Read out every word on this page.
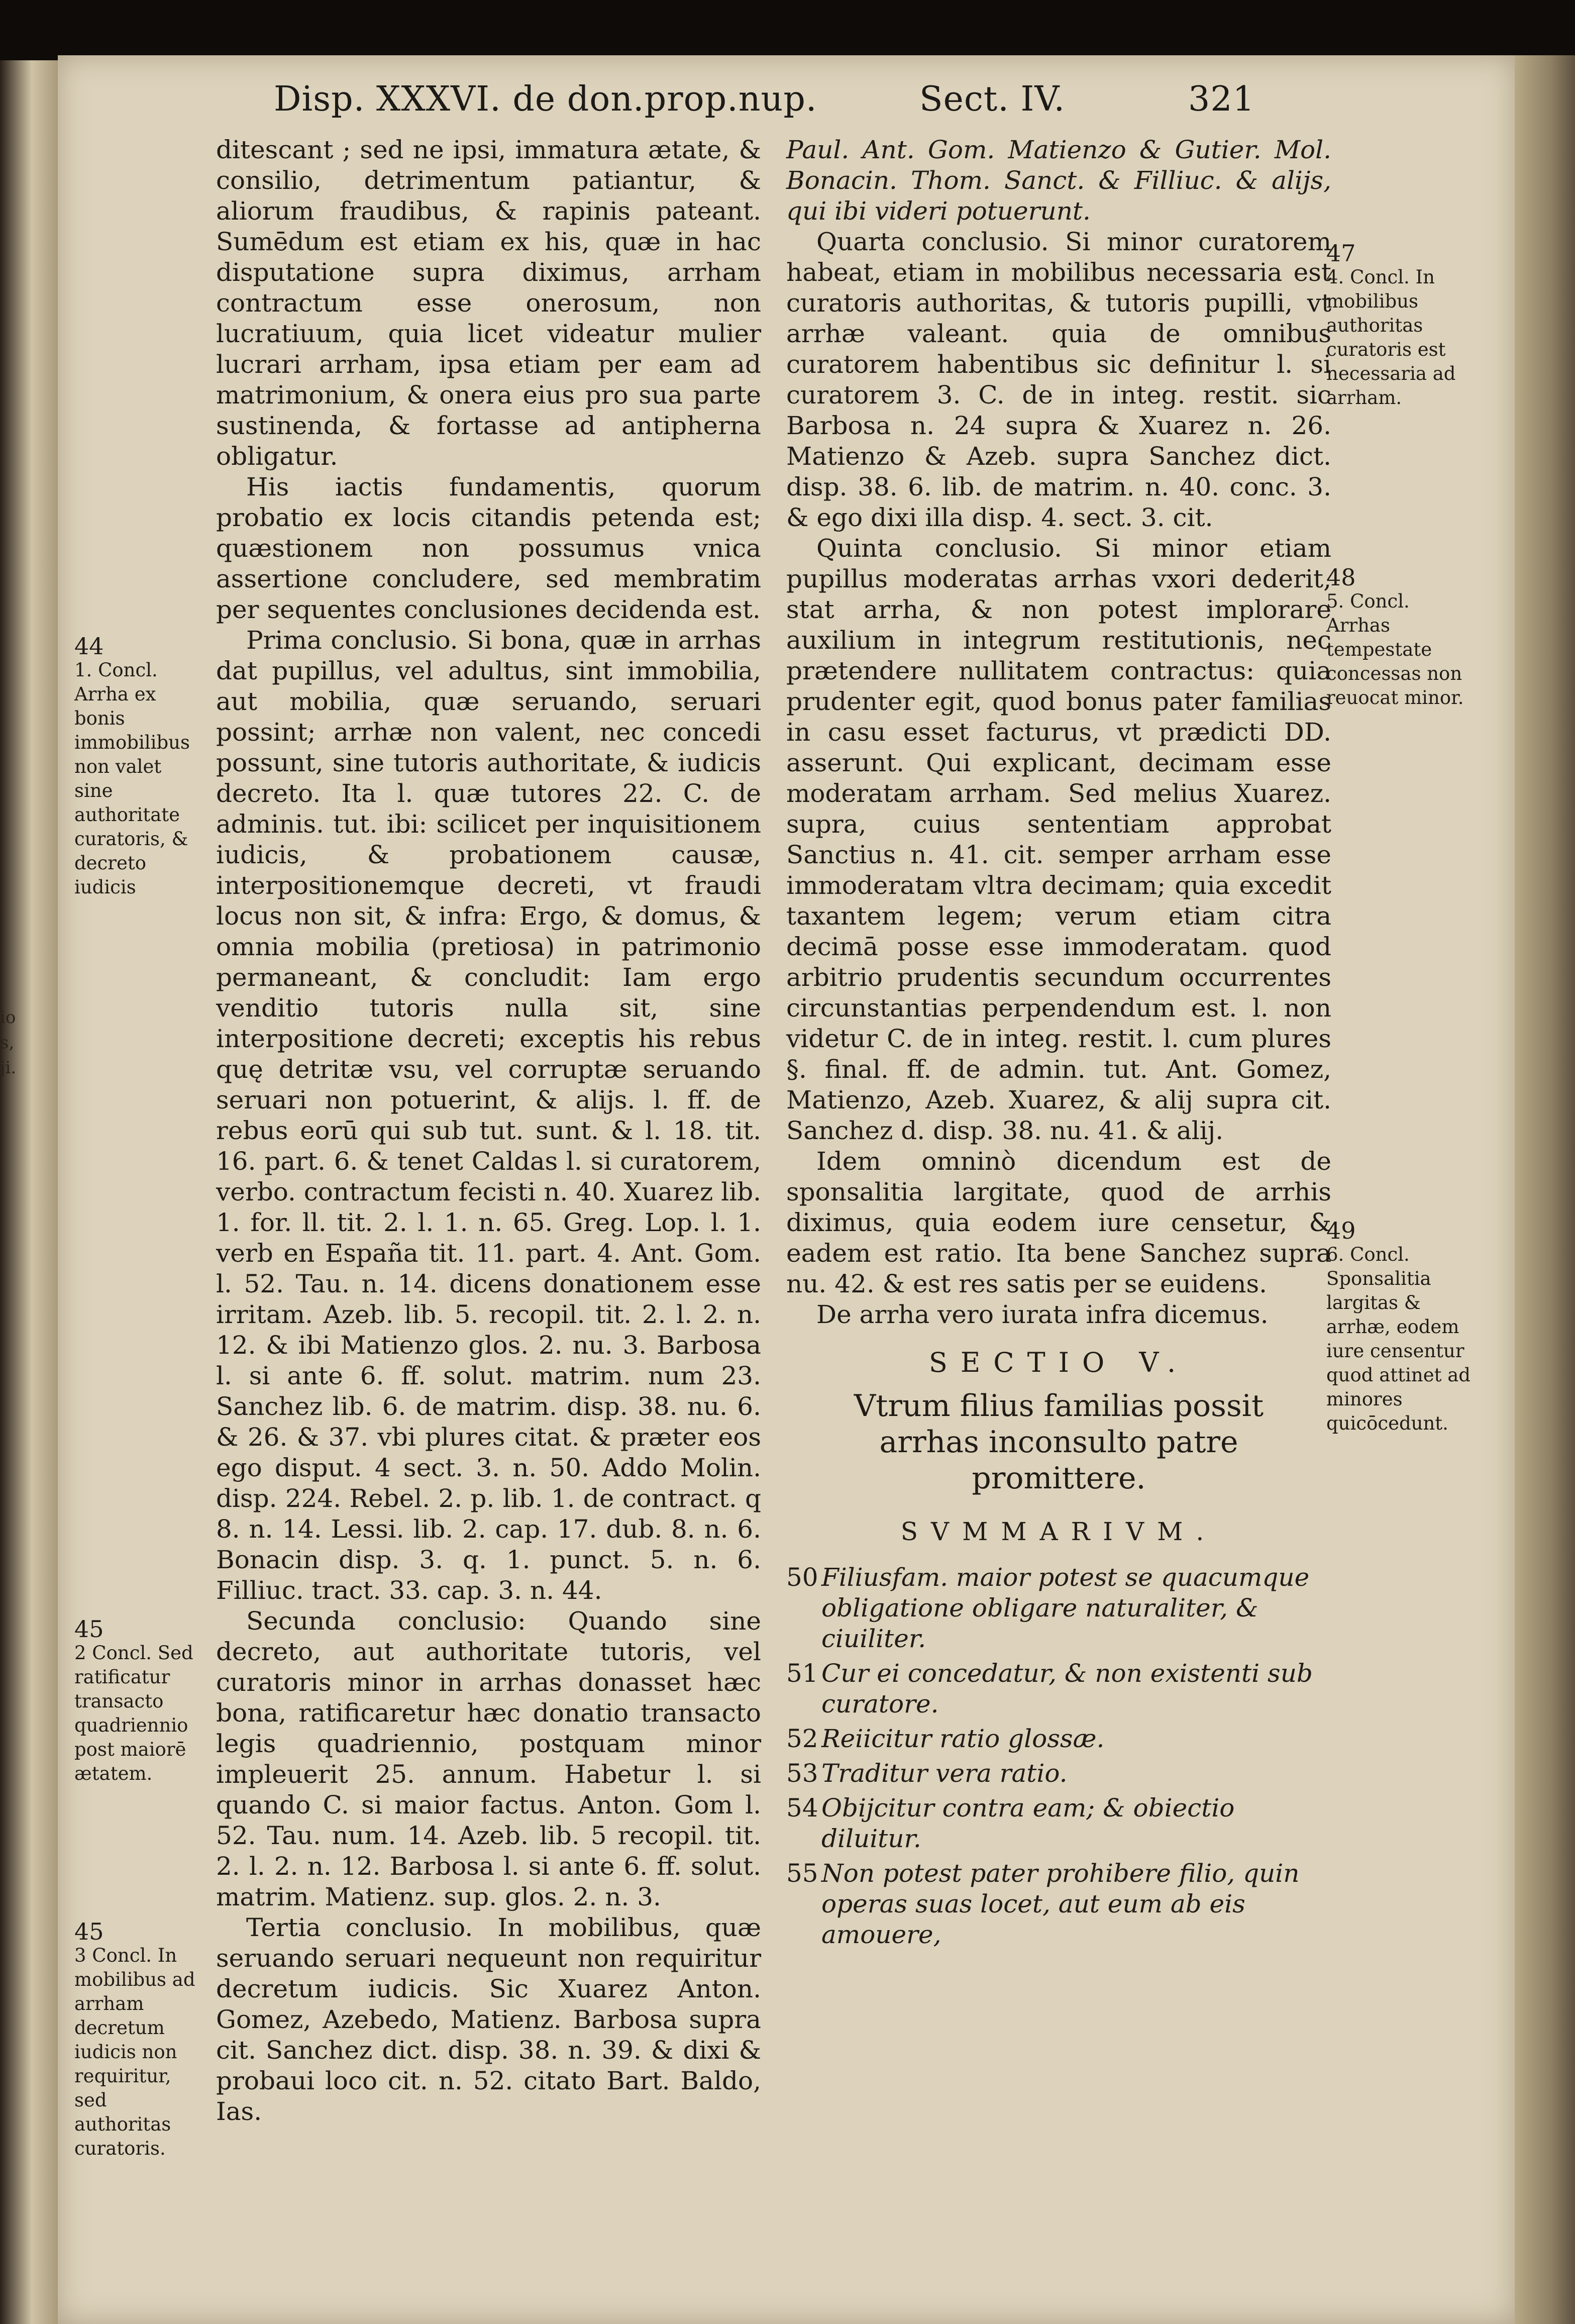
io
s,
ji.
Disp. XXXVI. de don.prop.nup.	Sect. IV.	321

ditescant ; sed ne ipsi, immatura ætate, & consilio, detrimentum patiantur, & aliorum fraudibus, & rapinis pateant. Sumēdum est etiam ex his, quæ in hac disputatione supra diximus, arrham contractum esse onerosum, non lucratiuum, quia licet videatur mulier lucrari arrham, ipsa etiam per eam ad matrimonium, & onera eius pro sua parte sustinenda, & fortasse ad antipherna obligatur.

His iactis fundamentis, quorum probatio ex locis citandis petenda est; quæstionem non possumus vnica assertione concludere, sed membratim per sequentes conclusiones decidenda est.

Prima conclusio. Si bona, quæ in arrhas dat pupillus, vel adultus, sint immobilia, aut mobilia, quæ seruando, seruari possint; arrhæ non valent, nec concedi possunt, sine tutoris authoritate, & iudicis decreto. Ita l. quæ tutores 22. C. de adminis. tut. ibi: scilicet per inquisitionem iudicis, & probationem causæ, interpositionemque decreti, vt fraudi locus non sit, & infra: Ergo, & domus, & omnia mobilia (pretiosa) in patrimonio permaneant, & concludit: Iam ergo venditio tutoris nulla sit, sine interpositione decreti; exceptis his rebus quę detritæ vsu, vel corruptæ seruando seruari non potuerint, & alijs. l. ff. de rebus eorū qui sub tut. sunt. & l. 18. tit. 16. part. 6. & tenet Caldas l. si curatorem, verbo. contractum fecisti n. 40. Xuarez lib. 1. for. ll. tit. 2. l. 1. n. 65. Greg. Lop. l. 1. verb en España tit. 11. part. 4. Ant. Gom. l. 52. Tau. n. 14. dicens donationem esse irritam. Azeb. lib. 5. recopil. tit. 2. l. 2. n. 12. & ibi Matienzo glos. 2. nu. 3. Barbosa l. si ante 6. ff. solut. matrim. num 23. Sanchez lib. 6. de matrim. disp. 38. nu. 6. & 26. & 37. vbi plures citat. & præter eos ego disput. 4 sect. 3. n. 50. Addo Molin. disp. 224. Rebel. 2. p. lib. 1. de contract. q 8. n. 14. Lessi. lib. 2. cap. 17. dub. 8. n. 6. Bonacin disp. 3. q. 1. punct. 5. n. 6. Filliuc. tract. 33. cap. 3. n. 44.

Secunda conclusio: Quando sine decreto, aut authoritate tutoris, vel curatoris minor in arrhas donasset hæc bona, ratificaretur hæc donatio transacto legis quadriennio, postquam minor impleuerit 25. annum. Habetur l. si quando C. si maior factus. Anton. Gom l. 52. Tau. num. 14. Azeb. lib. 5 recopil. tit. 2. l. 2. n. 12. Barbosa l. si ante 6. ff. solut. matrim. Matienz. sup. glos. 2. n. 3.

Tertia conclusio. In mobilibus, quæ seruando seruari nequeunt non requiritur decretum iudicis. Sic Xuarez Anton. Gomez, Azebedo, Matienz. Barbosa supra cit. Sanchez dict. disp. 38. n. 39. & dixi & probaui loco cit. n. 52. citato Bart. Baldo, Ias.

Paul. Ant. Gom. Matienzo & Gutier. Mol. Bonacin. Thom. Sanct. & Filliuc. & alijs, qui ibi videri potuerunt.

Quarta conclusio. Si minor curatorem habeat, etiam in mobilibus necessaria est curatoris authoritas, & tutoris pupilli, vt arrhæ valeant. quia de omnibus curatorem habentibus sic definitur l. si curatorem 3. C. de in integ. restit. sic Barbosa n. 24 supra & Xuarez n. 26. Matienzo & Azeb. supra Sanchez dict. disp. 38. 6. lib. de matrim. n. 40. conc. 3. & ego dixi illa disp. 4. sect. 3. cit.

Quinta conclusio. Si minor etiam pupillus moderatas arrhas vxori dederit, stat arrha, & non potest implorare auxilium in integrum restitutionis, nec prætendere nullitatem contractus: quia prudenter egit, quod bonus pater familias in casu esset facturus, vt prædicti DD. asserunt. Qui explicant, decimam esse moderatam arrham. Sed melius Xuarez. supra, cuius sententiam approbat Sanctius n. 41. cit. semper arrham esse immoderatam vltra decimam; quia excedit taxantem legem; verum etiam citra decimā posse esse immoderatam. quod arbitrio prudentis secundum occurrentes circunstantias perpendendum est. l. non videtur C. de in integ. restit. l. cum plures §. final. ff. de admin. tut. Ant. Gomez, Matienzo, Azeb. Xuarez, & alij supra cit. Sanchez d. disp. 38. nu. 41. & alij.

Idem omninò dicendum est de sponsalitia largitate, quod de arrhis diximus, quia eodem iure censetur, & eadem est ratio. Ita bene Sanchez supra nu. 42. & est res satis per se euidens.

De arrha vero iurata infra dicemus.

SECTIO V.
Vtrum filius familias possit arrhas inconsulto patre promittere.
SVMMARIVM.
50 Filiusfam. maior potest se quacumque obligatione obligare naturaliter, & ciuiliter.
51 Cur ei concedatur, & non existenti sub curatore.
52 Reiicitur ratio glossæ.
53 Traditur vera ratio.
54 Obijcitur contra eam; & obiectio diluitur.
55 Non potest pater prohibere filio, quin operas suas locet, aut eum ab eis amouere,
44
1. Concl. Arrha ex bonis immobilibus non valet sine authoritate curatoris, & decreto iudicis
45
2 Concl. Sed ratificatur transacto quadriennio post maiorē ætatem.
45
3 Concl. In mobilibus ad arrham decretum iudicis non requiritur, sed authoritas curatoris.
47
4. Concl. In mobilibus authoritas curatoris est necessaria ad arrham.
48
5. Concl. Arrhas tempestate concessas non reuocat minor.
49
6. Concl. Sponsalitia largitas & arrhæ, eodem iure censentur quod attinet ad minores quicōcedunt.
